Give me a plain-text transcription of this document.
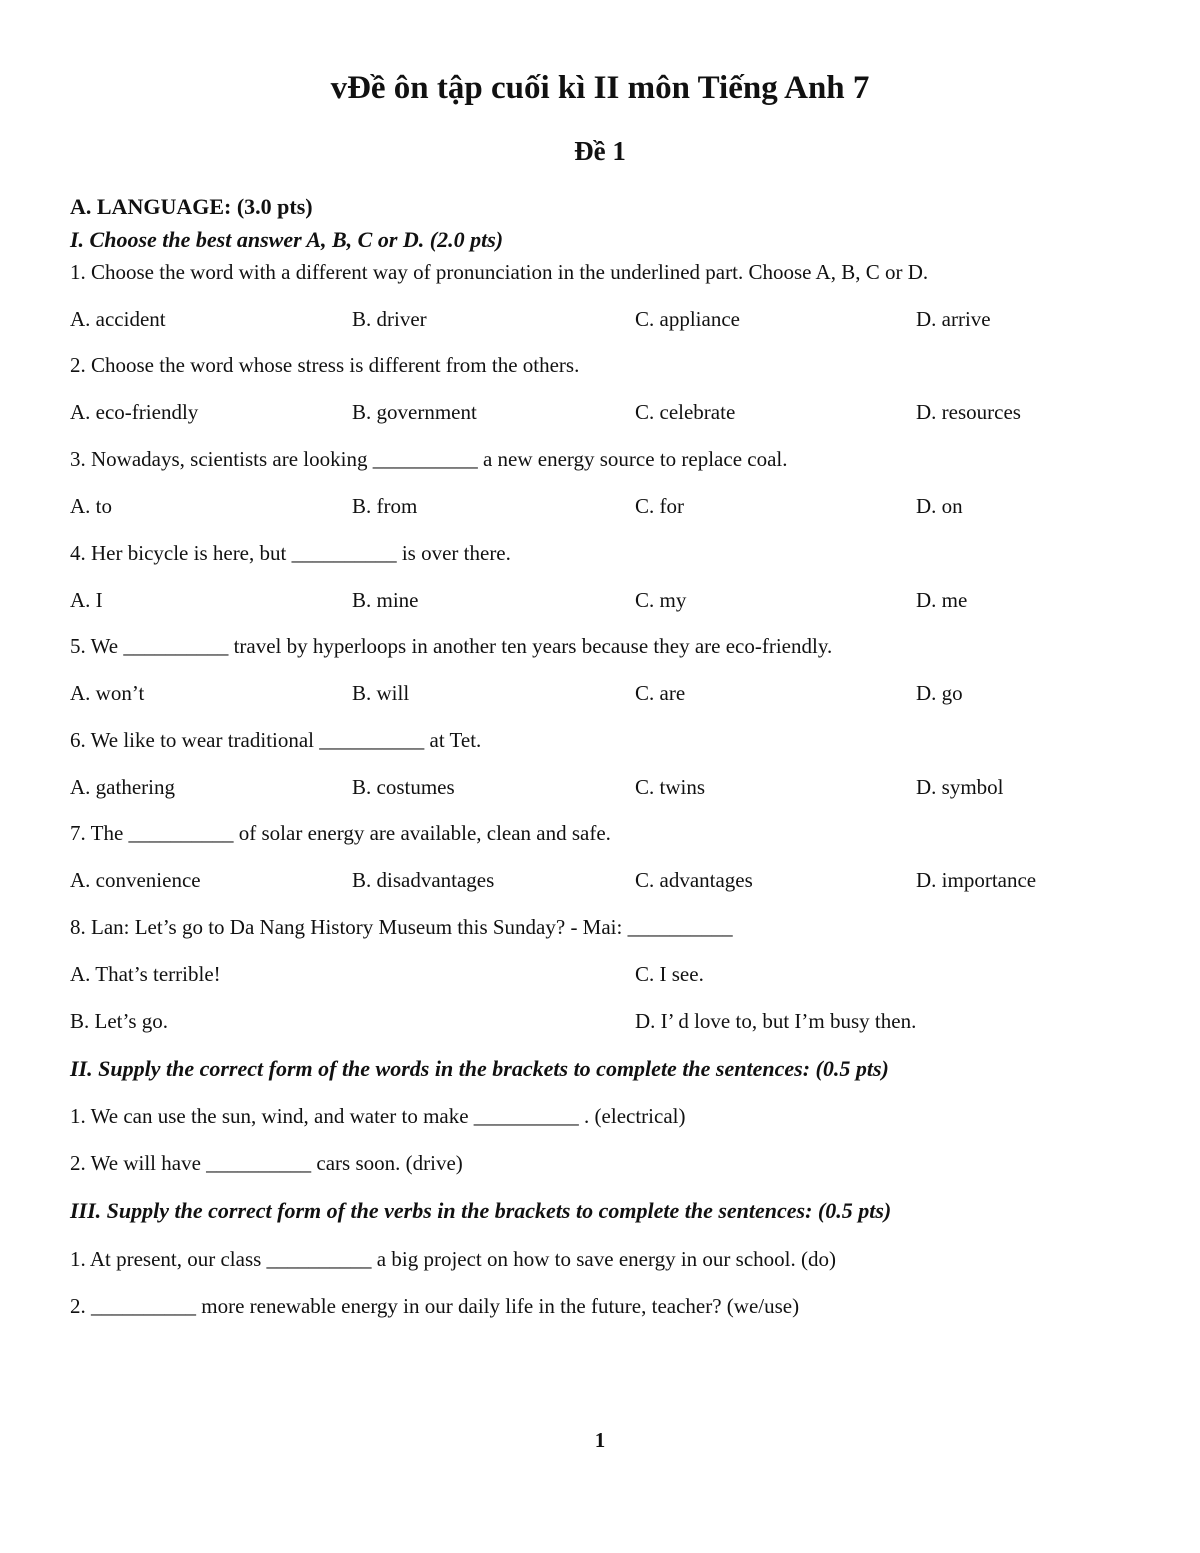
vĐề ôn tập cuối kì II môn Tiếng Anh 7
Đề 1
A. LANGUAGE: (3.0 pts)
I. Choose the best answer A, B, C or D. (2.0 pts)
1. Choose the word with a different way of pronunciation in the underlined part. Choose A, B, C or D.
A. accident	B. driver	C. appliance	D. arrive
2. Choose the word whose stress is different from the others.
A. eco-friendly	B. government	C. celebrate	D. resources
3. Nowadays, scientists are looking __________ a new energy source to replace coal.
A. to	B. from	C. for	D. on
4. Her bicycle is here, but __________ is over there.
A. I	B. mine	C. my	D. me
5. We __________ travel by hyperloops in another ten years because they are eco-friendly.
A. won’t	B. will	C. are	D. go
6. We like to wear traditional __________ at Tet.
A. gathering	B. costumes	C. twins	D. symbol
7. The __________ of solar energy are available, clean and safe.
A. convenience	B. disadvantages	C. advantages	D. importance
8. Lan: Let’s go to Da Nang History Museum this Sunday? - Mai: __________
A. That’s terrible!	C. I see.
B. Let’s go.	D. I’ d love to, but I’m busy then.
II. Supply the correct form of the words in the brackets to complete the sentences: (0.5 pts)
1. We can use the sun, wind, and water to make __________ . (electrical)
2. We will have __________ cars soon. (drive)
III. Supply the correct form of the verbs in the brackets to complete the sentences: (0.5 pts)
1. At present, our class __________ a big project on how to save energy in our school. (do)
2. __________ more renewable energy in our daily life in the future, teacher? (we/use)
1
